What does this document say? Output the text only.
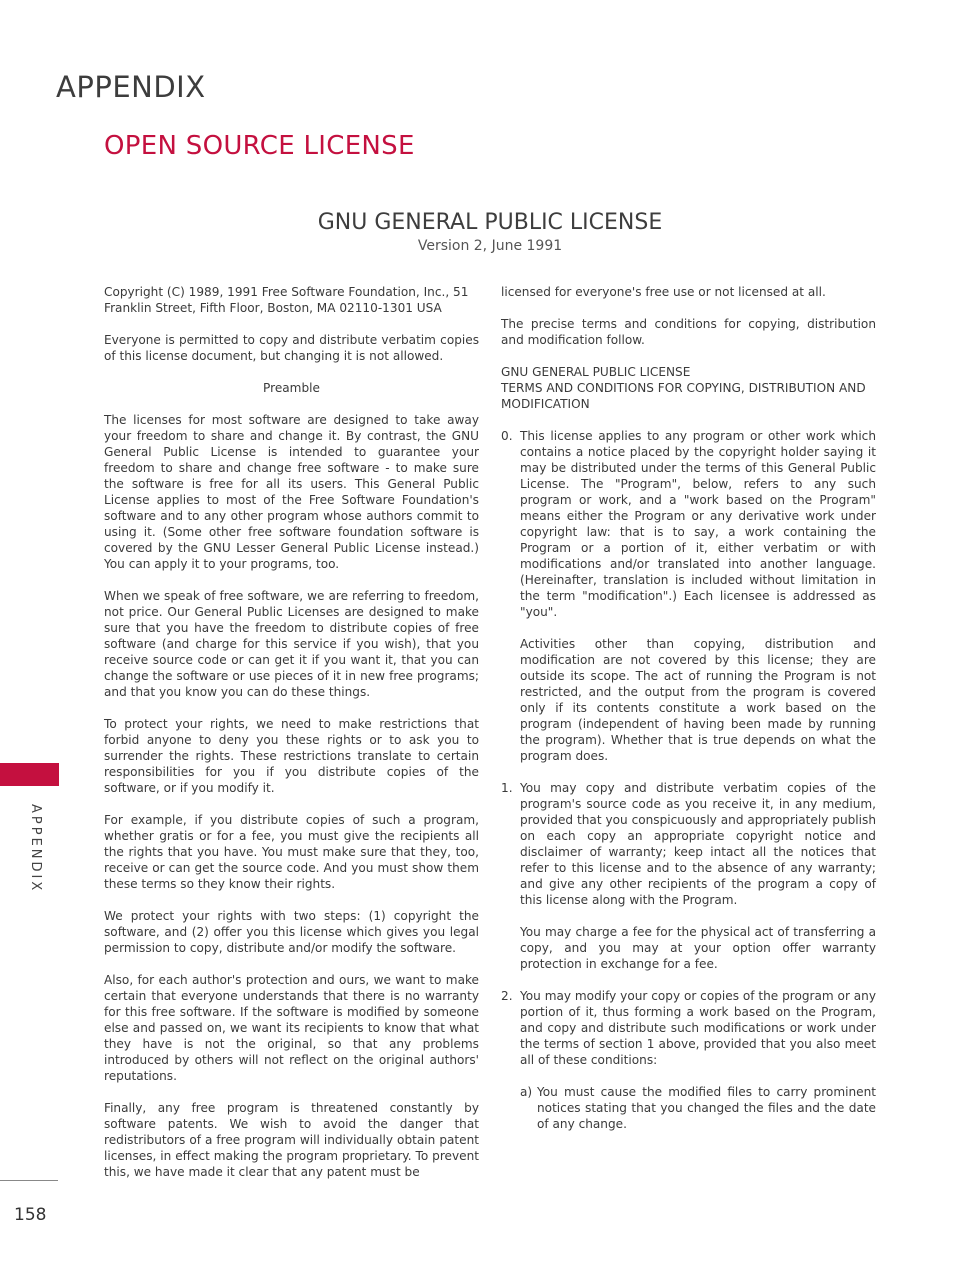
APPENDIX
OPEN SOURCE LICENSE
GNU GENERAL PUBLIC LICENSE
Version 2, June 1991

Copyright (C) 1989, 1991 Free Software Foundation, Inc., 51 Franklin Street, Fifth Floor, Boston, MA 02110-1301 USA

Everyone is permitted to copy and distribute verbatim copies of this license document, but changing it is not allowed.

Preamble

The licenses for most software are designed to take away your freedom to share and change it. By contrast, the GNU General Public License is intended to guarantee your freedom to share and change free software - to make sure the software is free for all its users. This General Public License applies to most of the Free Software Foundation's software and to any other program whose authors commit to using it. (Some other free software foundation software is covered by the GNU Lesser General Public License instead.) You can apply it to your programs, too.

When we speak of free software, we are referring to freedom, not price. Our General Public Licenses are designed to make sure that you have the freedom to distribute copies of free software (and charge for this service if you wish), that you receive source code or can get it if you want it, that you can change the software or use pieces of it in new free programs; and that you know you can do these things.

To protect your rights, we need to make restrictions that forbid anyone to deny you these rights or to ask you to surrender the rights. These restrictions translate to certain responsibilities for you if you distribute copies of the software, or if you modify it.

For example, if you distribute copies of such a program, whether gratis or for a fee, you must give the recipients all the rights that you have. You must make sure that they, too, receive or can get the source code. And you must show them these terms so they know their rights.

We protect your rights with two steps: (1) copyright the software, and (2) offer you this license which gives you legal permission to copy, distribute and/or modify the software.

Also, for each author's protection and ours, we want to make certain that everyone understands that there is no warranty for this free software. If the software is modified by someone else and passed on, we want its recipients to know that what they have is not the original, so that any problems introduced by others will not reflect on the original authors' reputations.

Finally, any free program is threatened constantly by software patents. We wish to avoid the danger that redistributors of a free program will individually obtain patent licenses, in effect making the program proprietary. To prevent this, we have made it clear that any patent must be

licensed for everyone's free use or not licensed at all.

The precise terms and conditions for copying, distribution and modification follow.

GNU GENERAL PUBLIC LICENSE
TERMS AND CONDITIONS FOR COPYING, DISTRIBUTION AND MODIFICATION

0. This license applies to any program or other work which contains a notice placed by the copyright holder saying it may be distributed under the terms of this General Public License. The "Program", below, refers to any such program or work, and a "work based on the Program" means either the Program or any derivative work under copyright law: that is to say, a work containing the Program or a portion of it, either verbatim or with modifications and/or translated into another language. (Hereinafter, translation is included without limitation in the term "modification".) Each licensee is addressed as "you".

Activities other than copying, distribution and modification are not covered by this license; they are outside its scope. The act of running the Program is not restricted, and the output from the program is covered only if its contents constitute a work based on the program (independent of having been made by running the program). Whether that is true depends on what the program does.

1. You may copy and distribute verbatim copies of the program's source code as you receive it, in any medium, provided that you conspicuously and appropriately publish on each copy an appropriate copyright notice and disclaimer of warranty; keep intact all the notices that refer to this license and to the absence of any warranty; and give any other recipients of the program a copy of this license along with the Program.

You may charge a fee for the physical act of transferring a copy, and you may at your option offer warranty protection in exchange for a fee.

2. You may modify your copy or copies of the program or any portion of it, thus forming a work based on the Program, and copy and distribute such modifications or work under the terms of section 1 above, provided that you also meet all of these conditions:

a) You must cause the modified files to carry prominent notices stating that you changed the files and the date of any change.

APPENDIX
158
